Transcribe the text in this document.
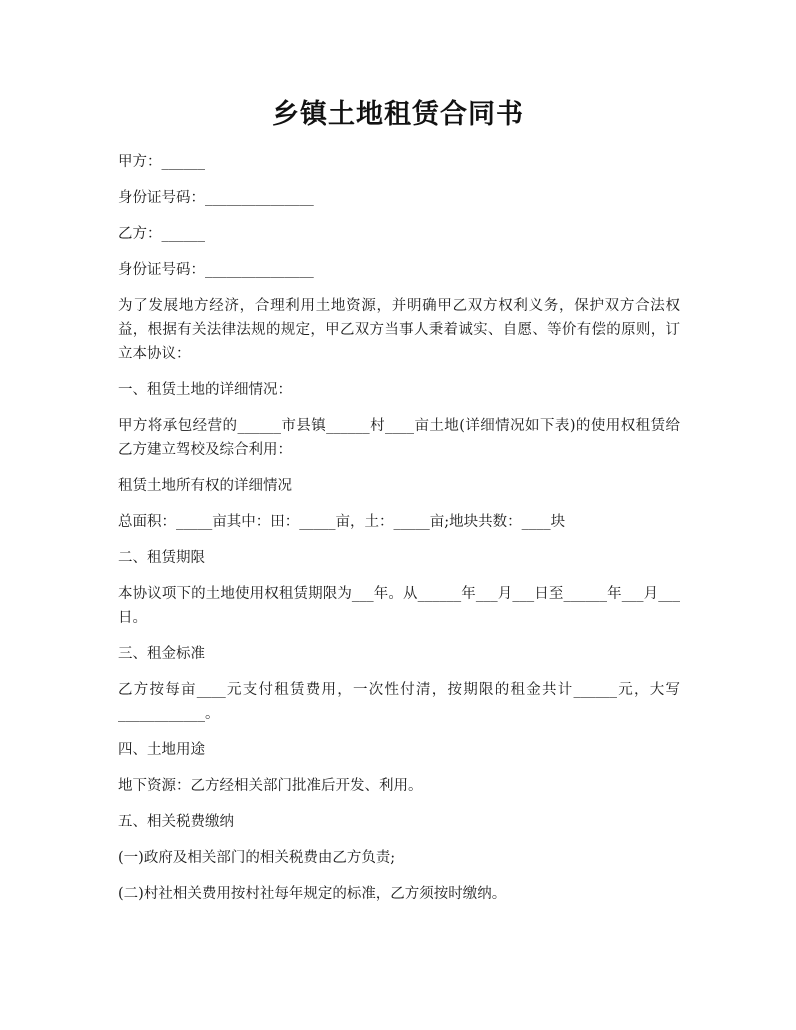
乡镇土地租赁合同书

甲方：______

身份证号码：_______________

乙方：______

身份证号码：_______________

为了发展地方经济，合理利用土地资源，并明确甲乙双方权利义务，保护双方合法权益，根据有关法律法规的规定，甲乙双方当事人秉着诚实、自愿、等价有偿的原则，订立本协议：

一、租赁土地的详细情况：

甲方将承包经营的______市县镇______村____亩土地(详细情况如下表)的使用权租赁给乙方建立驾校及综合利用：

租赁土地所有权的详细情况

总面积：_____亩其中：田：_____亩，土：_____亩;地块共数：____块

二、租赁期限

本协议项下的土地使用权租赁期限为___年。从______年___月___日至______年___月___日。

三、租金标准

乙方按每亩____元支付租赁费用，一次性付清，按期限的租金共计______元，大写____________。

四、土地用途

地下资源：乙方经相关部门批准后开发、利用。

五、相关税费缴纳

(一)政府及相关部门的相关税费由乙方负责;

(二)村社相关费用按村社每年规定的标准，乙方须按时缴纳。
